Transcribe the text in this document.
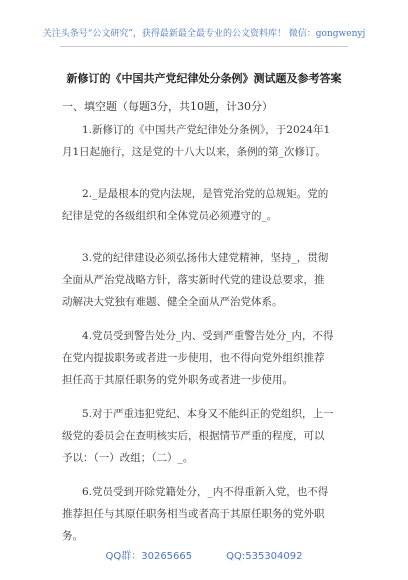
关注头条号“公文研究”，获得最新最全最专业的公文资料库！ 微信：gongwenyj
新修订的《中国共产党纪律处分条例》测试题及参考答案
一、填空题（每题3分，共10题，计30分）
1.新修订的《中国共产党纪律处分条例》，于2024年1
月1日起施行，这是党的十八大以来，条例的第_次修订。
2._是最根本的党内法规，是管党治党的总规矩。党的
纪律是党的各级组织和全体党员必须遵守的_。
3.党的纪律建设必须弘扬伟大建党精神，坚持_，贯彻
全面从严治党战略方针，落实新时代党的建设总要求，推
动解决大党独有难题、健全全面从严治党体系。
4.党员受到警告处分_内、受到严重警告处分_内，不得
在党内提拔职务或者进一步使用，也不得向党外组织推荐
担任高于其原任职务的党外职务或者进一步使用。
5.对于严重违犯党纪、本身又不能纠正的党组织，上一
级党的委员会在查明核实后，根据情节严重的程度，可以
予以：（一）改组；（二）_。
6.党员受到开除党籍处分，_内不得重新入党，也不得
推荐担任与其原任职务相当或者高于其原任职务的党外职
务。
QQ群：30265665	QQ:535304092
